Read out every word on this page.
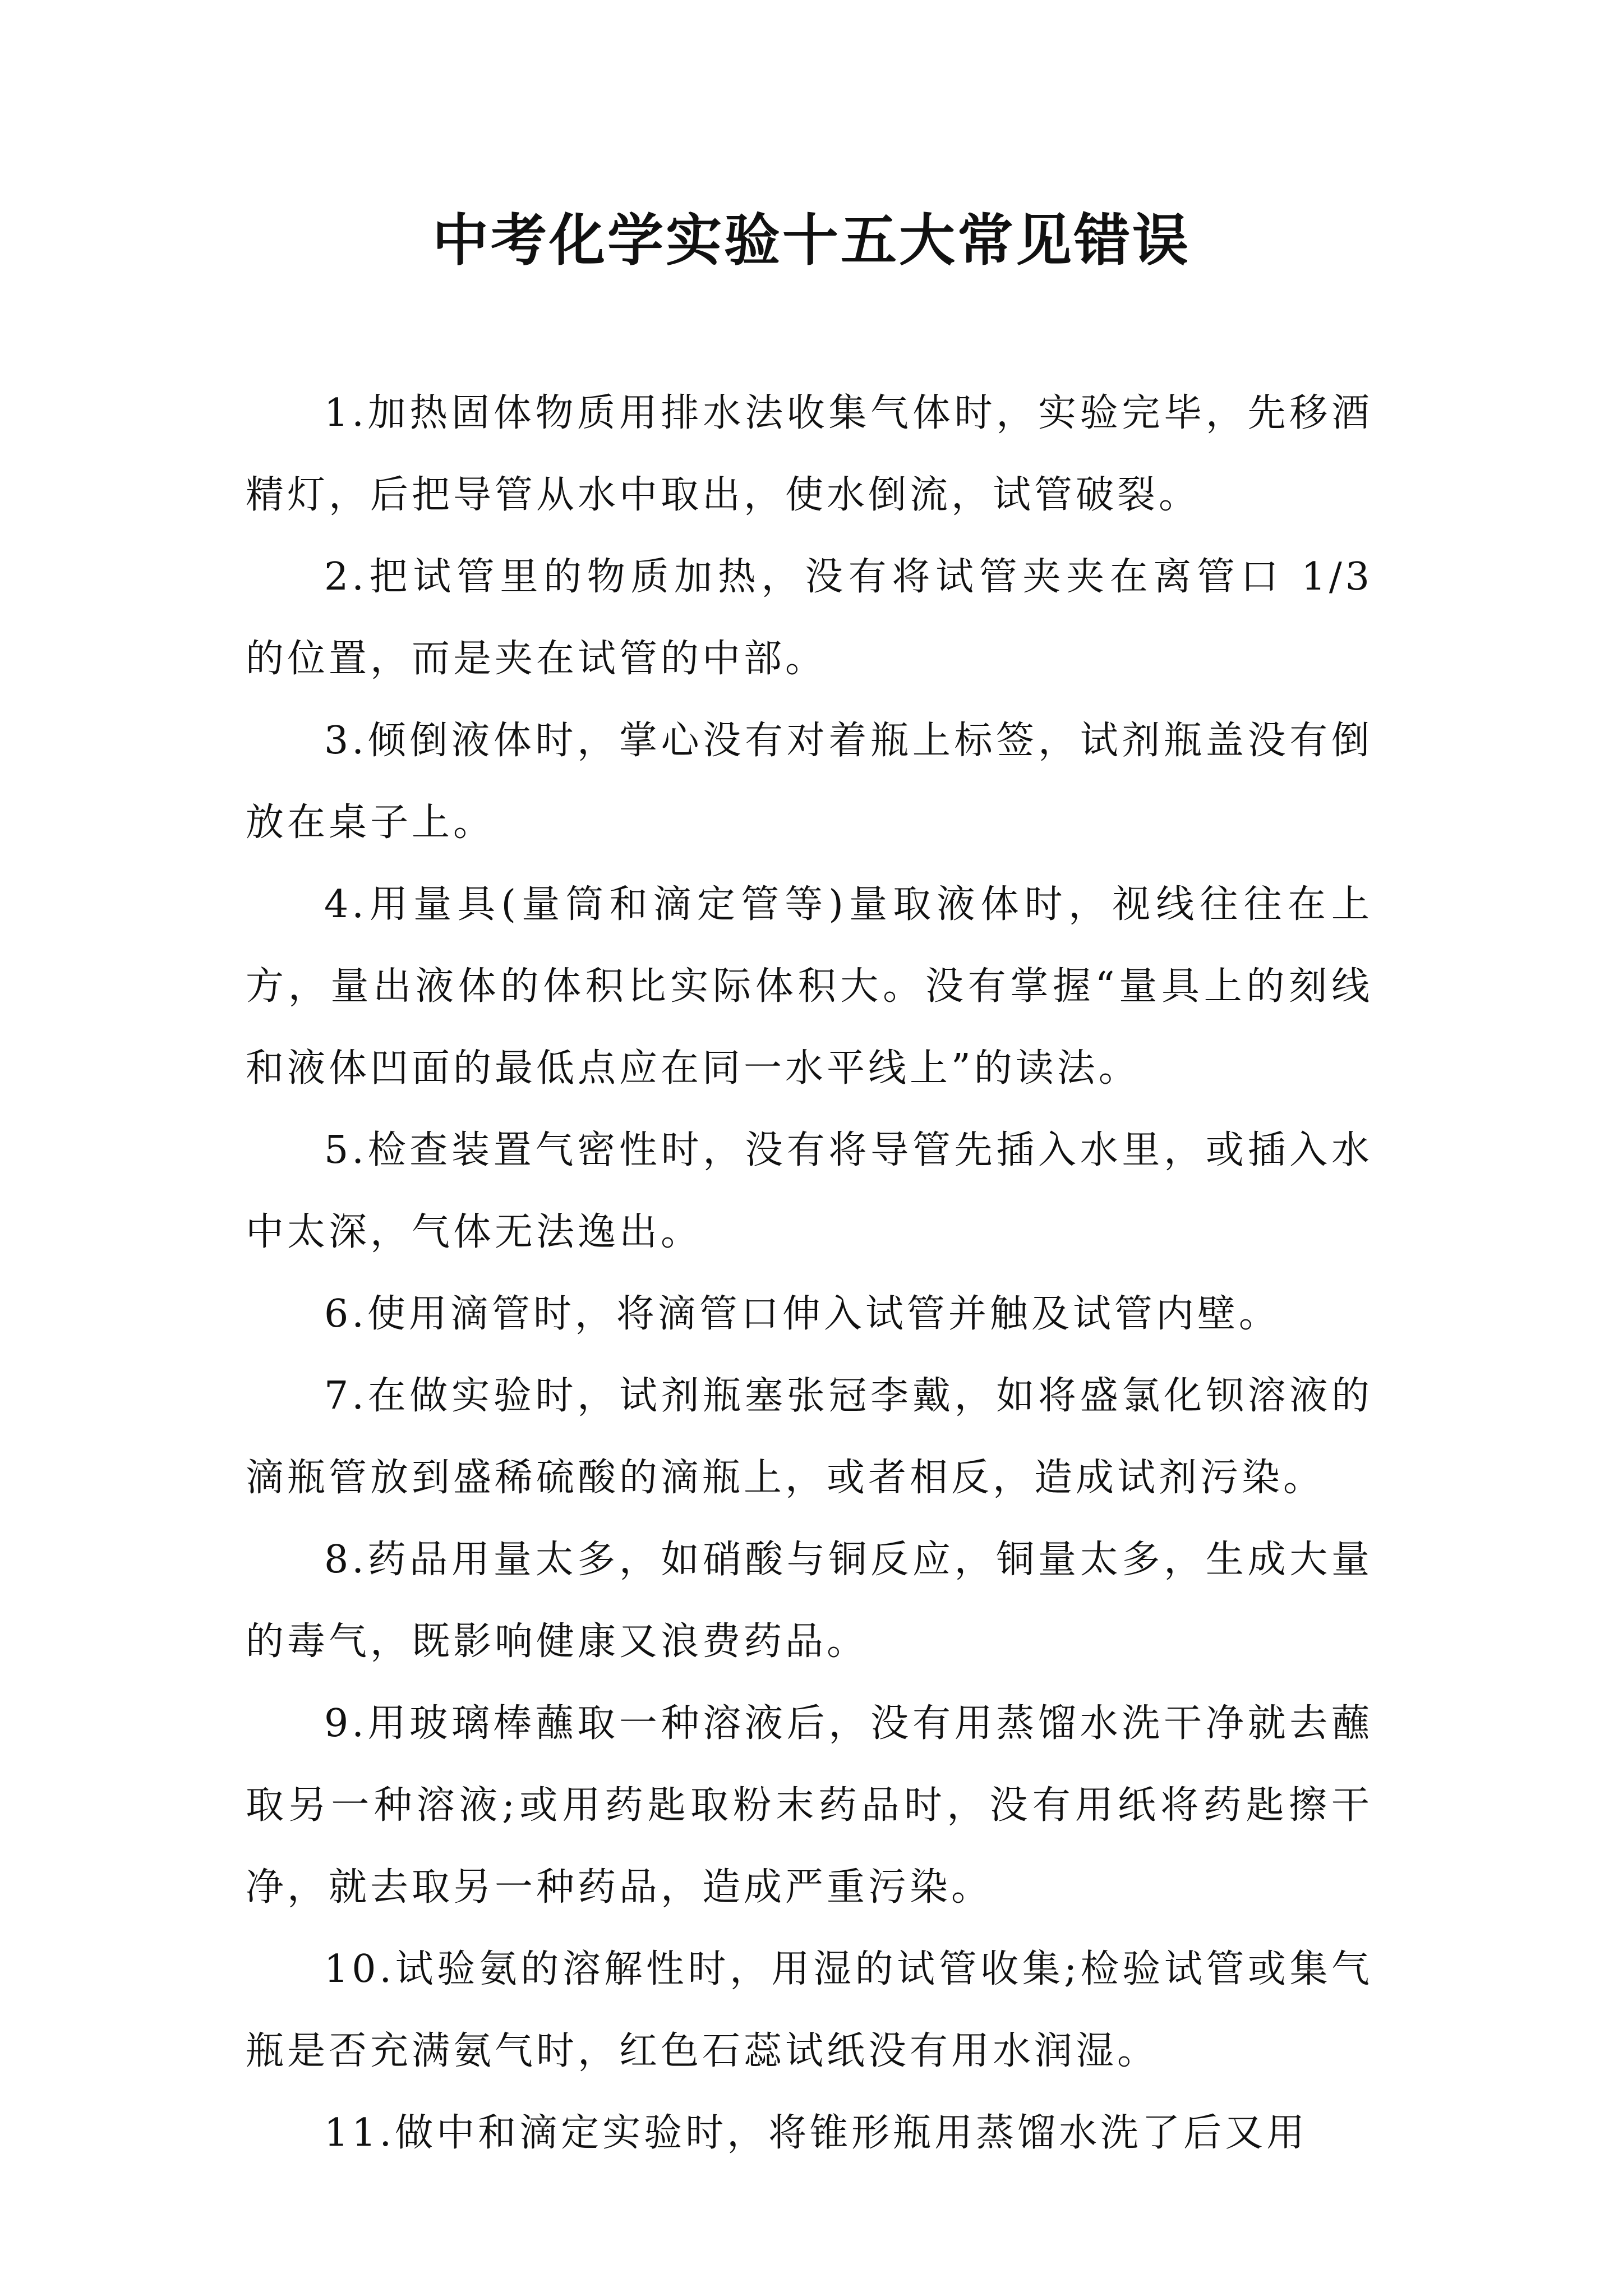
中考化学实验十五大常见错误

1.加热固体物质用排水法收集气体时，实验完毕，先移酒精灯，后把导管从水中取出，使水倒流，试管破裂。

2.把试管里的物质加热，没有将试管夹夹在离管口 1/3 的位置，而是夹在试管的中部。

3.倾倒液体时，掌心没有对着瓶上标签，试剂瓶盖没有倒放在桌子上。

4.用量具(量筒和滴定管等)量取液体时，视线往往在上方，量出液体的体积比实际体积大。没有掌握“量具上的刻线和液体凹面的最低点应在同一水平线上”的读法。

5.检查装置气密性时，没有将导管先插入水里，或插入水中太深，气体无法逸出。

6.使用滴管时，将滴管口伸入试管并触及试管内壁。

7.在做实验时，试剂瓶塞张冠李戴，如将盛氯化钡溶液的滴瓶管放到盛稀硫酸的滴瓶上，或者相反，造成试剂污染。

8.药品用量太多，如硝酸与铜反应，铜量太多，生成大量的毒气，既影响健康又浪费药品。

9.用玻璃棒蘸取一种溶液后，没有用蒸馏水洗干净就去蘸取另一种溶液;或用药匙取粉末药品时，没有用纸将药匙擦干净，就去取另一种药品，造成严重污染。

10.试验氨的溶解性时，用湿的试管收集;检验试管或集气瓶是否充满氨气时，红色石蕊试纸没有用水润湿。

11.做中和滴定实验时，将锥形瓶用蒸馏水洗了后又用
